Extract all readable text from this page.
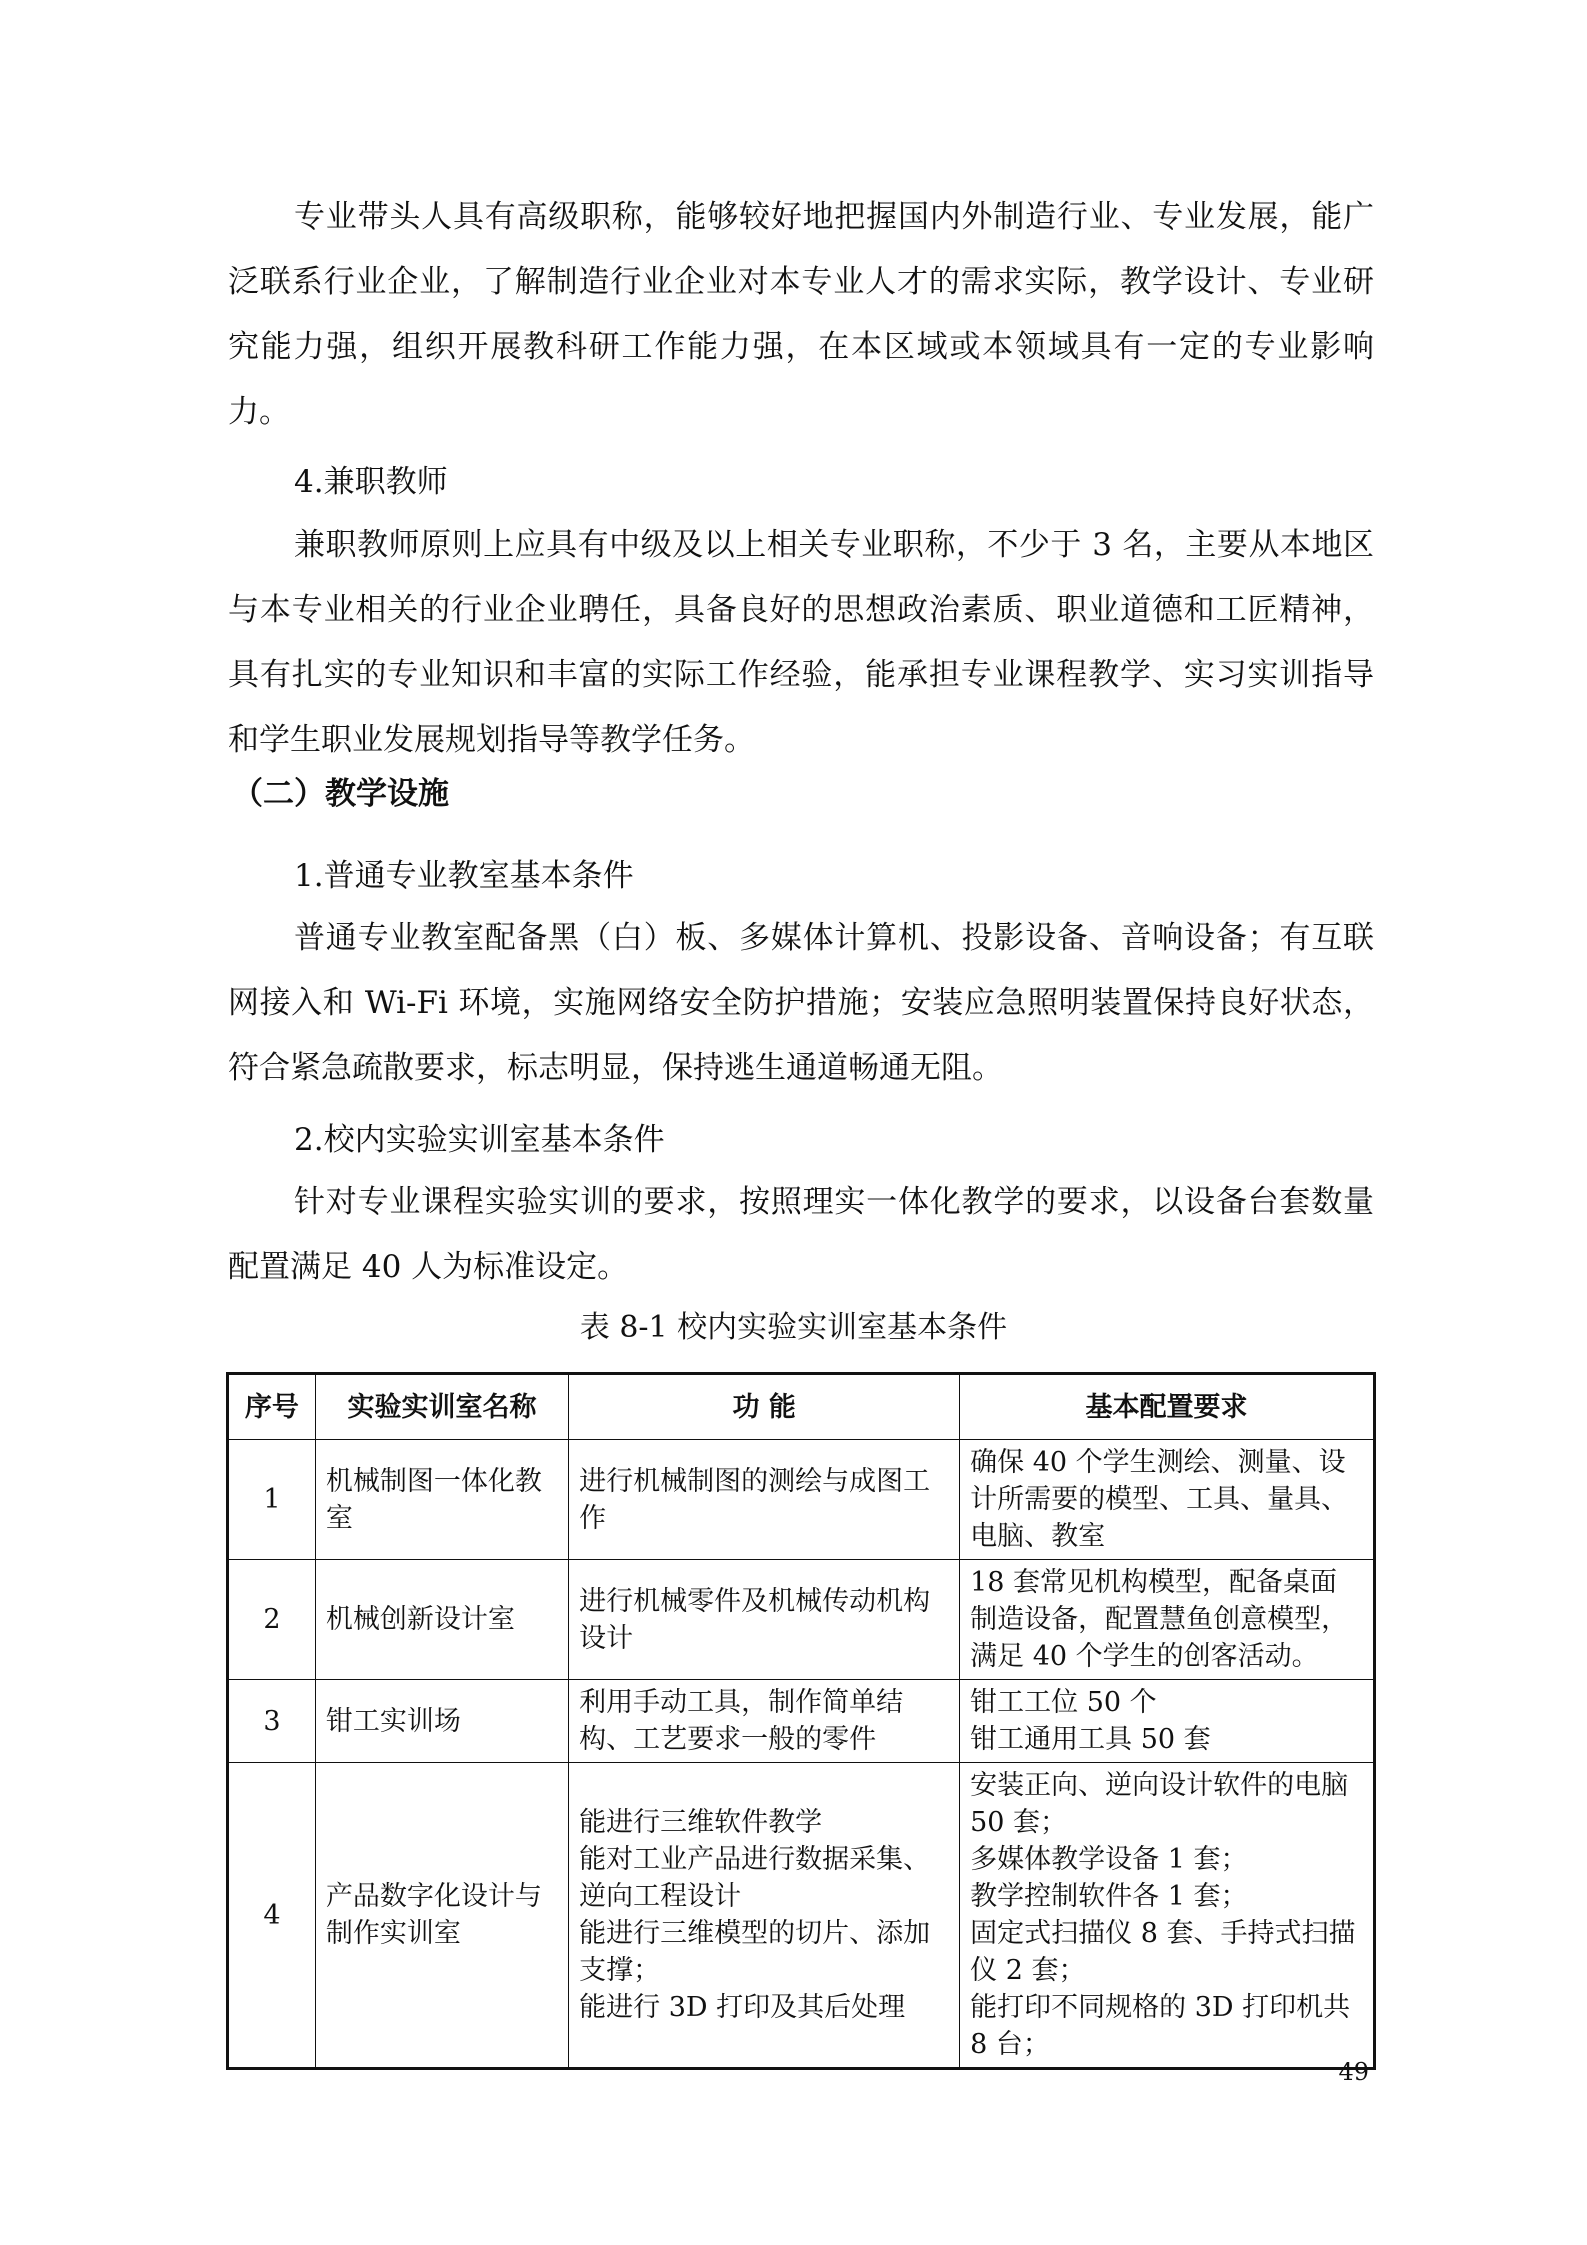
专业带头人具有高级职称，能够较好地把握国内外制造行业、专业发展，能广泛联系行业企业，了解制造行业企业对本专业人才的需求实际，教学设计、专业研究能力强，组织开展教科研工作能力强，在本区域或本领域具有一定的专业影响力。

4.兼职教师

兼职教师原则上应具有中级及以上相关专业职称，不少于 3 名，主要从本地区与本专业相关的行业企业聘任，具备良好的思想政治素质、职业道德和工匠精神，具有扎实的专业知识和丰富的实际工作经验，能承担专业课程教学、实习实训指导和学生职业发展规划指导等教学任务。

（二）教学设施

1.普通专业教室基本条件

普通专业教室配备黑（白）板、多媒体计算机、投影设备、音响设备；有互联网接入和 Wi-Fi 环境，实施网络安全防护措施；安装应急照明装置保持良好状态，符合紧急疏散要求，标志明显，保持逃生通道畅通无阻。

2.校内实验实训室基本条件

针对专业课程实验实训的要求，按照理实一体化教学的要求，以设备台套数量配置满足 40 人为标准设定。

表 8-1 校内实验实训室基本条件

序号	实验实训室名称	功 能	基本配置要求
1	机械制图一体化教室	进行机械制图的测绘与成图工作	确保 40 个学生测绘、测量、设计所需要的模型、工具、量具、电脑、教室
2	机械创新设计室	进行机械零件及机械传动机构设计	18 套常见机构模型，配备桌面制造设备，配置慧鱼创意模型，满足 40 个学生的创客活动。
3	钳工实训场	利用手动工具，制作简单结构、工艺要求一般的零件	钳工工位 50 个
钳工通用工具 50 套
4	产品数字化设计与制作实训室	能进行三维软件教学
能对工业产品进行数据采集、逆向工程设计
能进行三维模型的切片、添加支撑；
能进行 3D 打印及其后处理	安装正向、逆向设计软件的电脑 50 套；
多媒体教学设备 1 套；
教学控制软件各 1 套；
固定式扫描仪 8 套、手持式扫描仪 2 套；
能打印不同规格的 3D 打印机共 8 台；
49
